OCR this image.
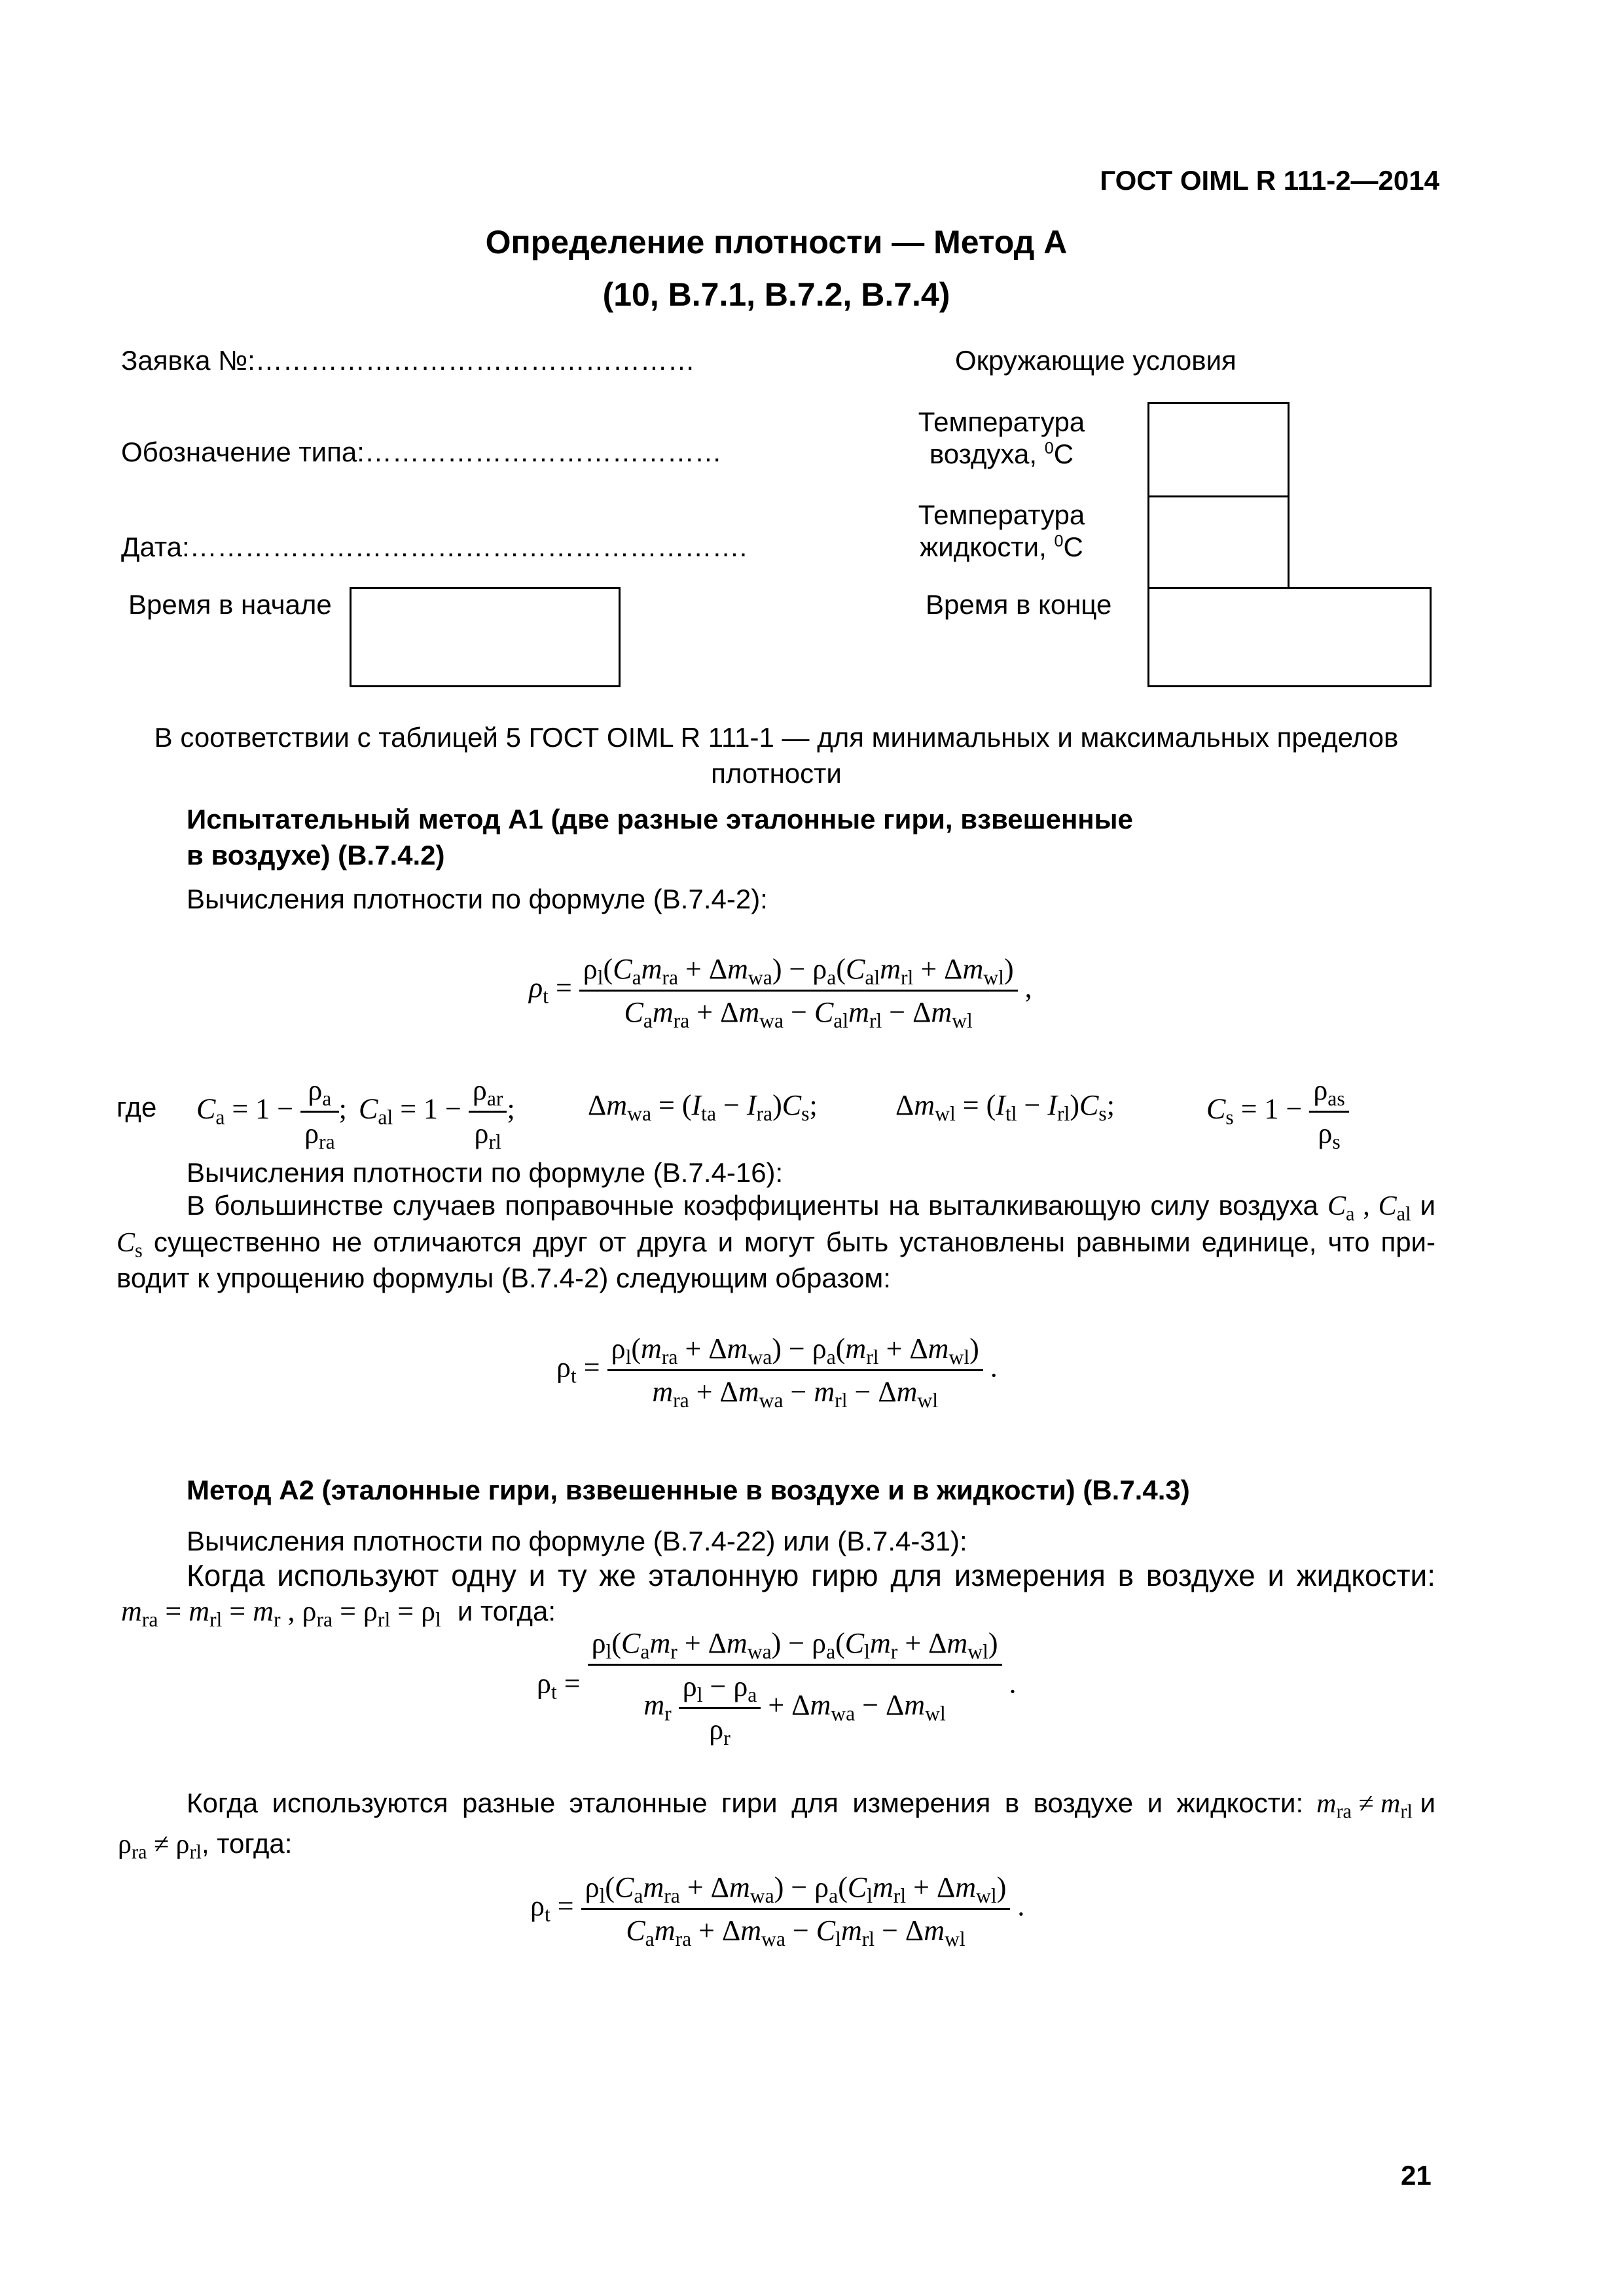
ГОСТ OIML R 111-2—2014
Определение плотности — Метод A
(10, B.7.1, B.7.2, B.7.4)
Заявка №:…………………………………………
Обозначение типа:…………………………………
Дата:…………………………………………………….
Время в начале
Окружающие условия
Температура
воздуха, $^0$C
Температура
жидкости, $^0$C
Время в конце
В соответствии с таблицей 5 ГОСТ OIML R 111-1 — для минимальных и максимальных пределов
плотности
Испытательный метод A1 (две разные эталонные гири, взвешенные
в воздухе) (B.7.4.2)
Вычисления плотности по формуле (B.7.4-2):
$\rho_t = \frac{\rho_l(C_am_{ra} + \Delta m_{wa}) - \rho_a(C_{al}m_{rl} + \Delta m_{wl})}{C_am_{ra} + \Delta m_{wa} - C_{al}m_{rl} - \Delta m_{wl}}$ ,
где $C_a = 1 - \frac{\rho_a}{\rho_{ra}}$ ; $C_{al} = 1 - \frac{\rho_{ar}}{\rho_{rl}}$ ;	$\Delta m_{wa} = (I_{ta} - I_{ra})C_s$;	$\Delta m_{wl} = (I_{tl} - I_{rl})C_s$;	$C_s = 1 - \frac{\rho_{as}}{\rho_s}$
Вычисления плотности по формуле (B.7.4-16):
В большинстве случаев поправочные коэффициенты на выталкивающую силу воздуха $C_a$ , $C_{al}$ и
$C_s$ существенно не отличаются друг от друга и могут быть установлены равными единице, что при-
водит к упрощению формулы (B.7.4-2) следующим образом:
$\rho_t = \frac{\rho_l(m_{ra} + \Delta m_{wa}) - \rho_a(m_{rl} + \Delta m_{wl})}{m_{ra} + \Delta m_{wa} - m_{rl} - \Delta m_{wl}}$ .
Метод A2 (эталонные гири, взвешенные в воздухе и в жидкости) (B.7.4.3)
Вычисления плотности по формуле (B.7.4-22) или (B.7.4-31):
Когда используют одну и ту же эталонную гирю для измерения в воздухе и жидкости:
$m_{ra} = m_{rl} = m_r$ , $\rho_{ra} = \rho_{rl} = \rho_l$ и тогда:
$\rho_t = \frac{\rho_l(C_am_r + \Delta m_{wa}) - \rho_a(C_lm_r + \Delta m_{wl})}{m_r \frac{\rho_l - \rho_a}{\rho_r} + \Delta m_{wa} - \Delta m_{wl}}$ .
Когда используются разные эталонные гири для измерения в воздухе и жидкости: $m_{ra} \ne m_{rl}$ и
$\rho_{ra} \ne \rho_{rl}$, тогда:
$\rho_t = \frac{\rho_l(C_am_{ra} + \Delta m_{wa}) - \rho_a(C_lm_{rl} + \Delta m_{wl})}{C_am_{ra} + \Delta m_{wa} - C_lm_{rl} - \Delta m_{wl}}$ .
21
